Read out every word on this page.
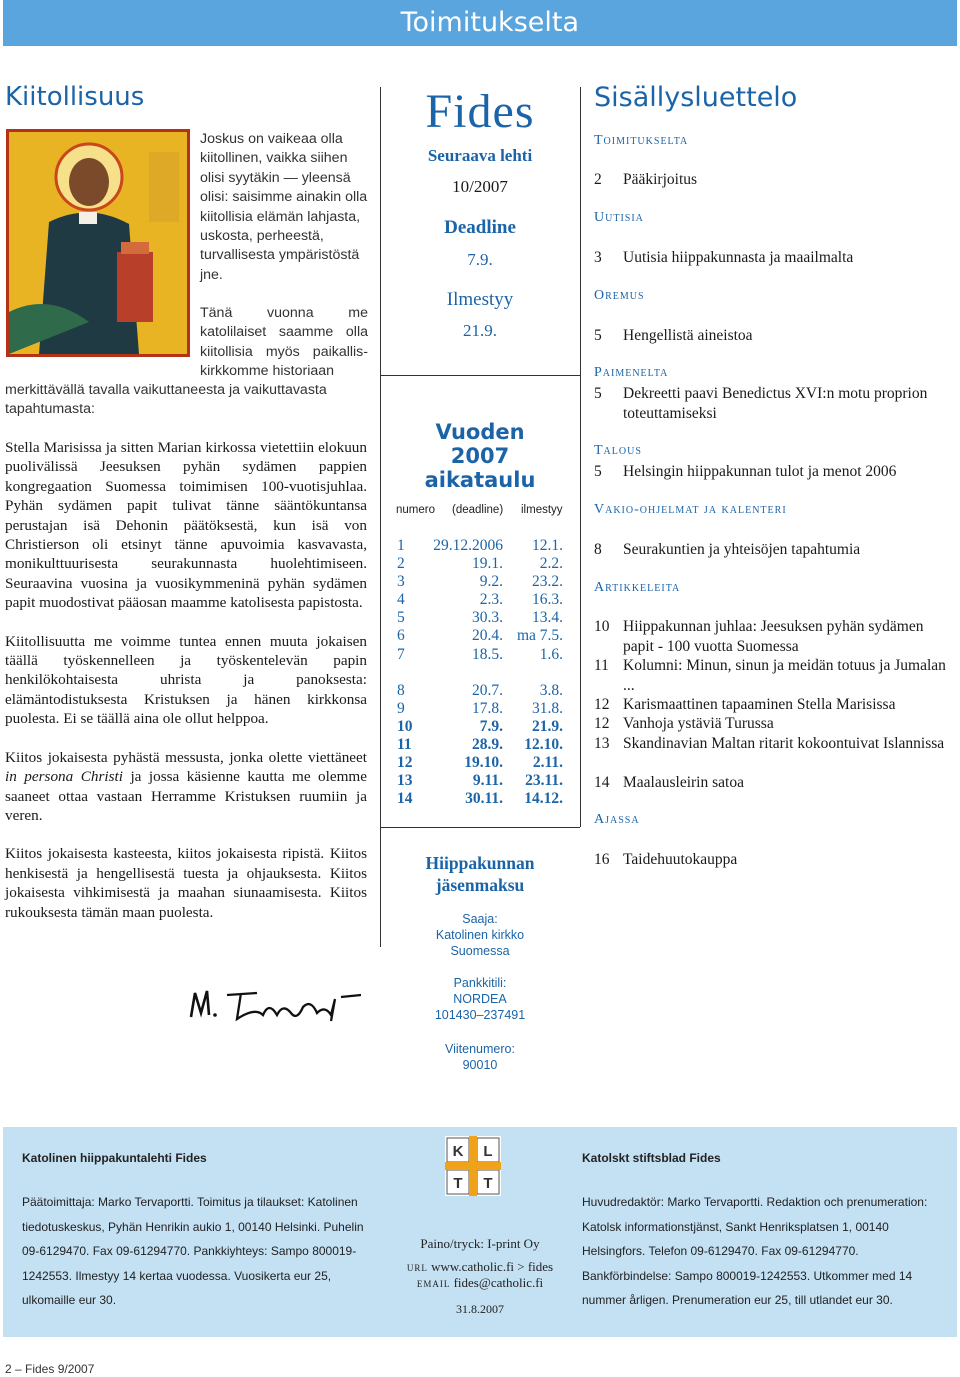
Toimitukselta
Kiitollisuus
Joskus on vaikeaa olla kiitollinen, vaikka siihen olisi syytäkin — yleensä olisi: saisimme ainakin olla kiitollisia elämän lahjasta, uskosta, perheestä, turvallisesta ympäristöstä jne.
Tänä vuonna me katolilaiset saamme olla kiitollisia myös paikallis- kirkkomme historiaan
merkittävällä tavalla vaikuttaneesta ja vaikuttavasta tapahtumasta:

Stella Marisissa ja sitten Marian kirkossa vietettiin elokuun puolivälissä Jeesuksen pyhän sydämen pappien kongregaation Suomessa toimimisen 100-vuotisjuhlaa. Pyhän sydämen papit tulivat tänne sääntökuntansa perustajan isä Dehonin päätöksestä, kun isä von Christierson oli etsinyt tänne apuvoimia kasvavasta, monikulttuurisesta seurakunnasta huolehtimiseen. Seuraavina vuosina ja vuosikymmeninä pyhän sydämen papit muodostivat pääosan maamme katolisesta papistosta.

Kiitollisuutta me voimme tuntea ennen muuta jokaisen täällä työskennelleen ja työskentelevän papin henkilökohtaisesta uhrista ja panoksesta: elämäntodistuksesta Kristuksen ja hänen kirkkonsa puolesta. Ei se täällä aina ole ollut helppoa.

Kiitos jokaisesta pyhästä messusta, jonka olette viettäneet in persona Christi ja jossa käsienne kautta me olemme saaneet ottaa vastaan Herramme Kristuksen ruumiin ja veren.

Kiitos jokaisesta kasteesta, kiitos jokaisesta ripistä. Kiitos henkisestä ja hengellisestä tuesta ja ohjauksesta. Kiitos jokaisesta vihkimisestä ja maahan siunaamisesta. Kiitos rukouksesta tämän maan puolesta.

Fides
Seuraava lehti
10/2007
Deadline
7.9.
Ilmestyy
21.9.
Vuoden
2007
aikataulu
numero (deadline) ilmestyy
1 29.12.2006 12.1.
2	19.1. 2.2.
3	9.2. 23.2.
4	2.3. 16.3.
5	30.3. 13.4.
6	20.4. ma 7.5.
7	18.5. 1.6.
8	20.7. 3.8.
9	17.8. 31.8.
10	7.9. 21.9.
11	28.9. 12.10.
12	19.10. 2.11.
13	9.11. 23.11.
14	30.11. 14.12.
Hiippakunnan
jäsenmaksu
Saaja:
Katolinen kirkko
Suomessa
Pankkitili:
NORDEA
101430–237491
Viitenumero:
90010
Sisällysluettelo
Toimitukselta
2 Pääkirjoitus
Uutisia
3 Uutisia hiippakunnasta ja maailmalta
Oremus
5 Hengellistä aineistoa
Paimenelta
5 Dekreetti paavi Benedictus XVI:n motu proprion toteuttamiseksi
Talous
5 Helsingin hiippakunnan tulot ja menot 2006
Vakio-ohjelmat ja kalenteri
8 Seurakuntien ja yhteisöjen tapahtumia
Artikkeleita
10 Hiippakunnan juhlaa: Jeesuksen pyhän sydämen papit - 100 vuotta Suomessa
11 Kolumni: Minun, sinun ja meidän totuus ja Jumalan ...
12 Karismaattinen tapaaminen Stella Marisissa
12 Vanhoja ystäviä Turussa
13 Skandinavian Maltan ritarit kokoontuivat Islannissa
14 Maalausleirin satoa
Ajassa
16 Taidehuutokauppa
Katolinen hiippakuntalehti Fides
Päätoimittaja: Marko Tervaportti. Toimitus ja tilaukset: Katolinen tiedotuskeskus, Pyhän Henrikin aukio 1, 00140 Helsinki. Puhelin 09-6129470. Fax 09-61294770. Pankkiyhteys: Sampo 800019-1242553. Ilmestyy 14 kertaa vuodessa. Vuosikerta eur 25, ulkomaille eur 30.
Katolskt stiftsblad Fides
Huvudredaktör: Marko Tervaportti. Redaktion och prenumeration: Katolsk informationstjänst, Sankt Henriksplatsen 1, 00140 Helsingfors. Telefon 09-6129470. Fax 09-61294770. Bankförbindelse: Sampo 800019-1242553. Utkommer med 14 nummer årligen. Prenumeration eur 25, till utlandet eur 30.
Paino/tryck: I-print Oy
url www.catholic.fi > fides
email fides@catholic.fi
31.8.2007
K L
T T
2 – Fides 9/2007
